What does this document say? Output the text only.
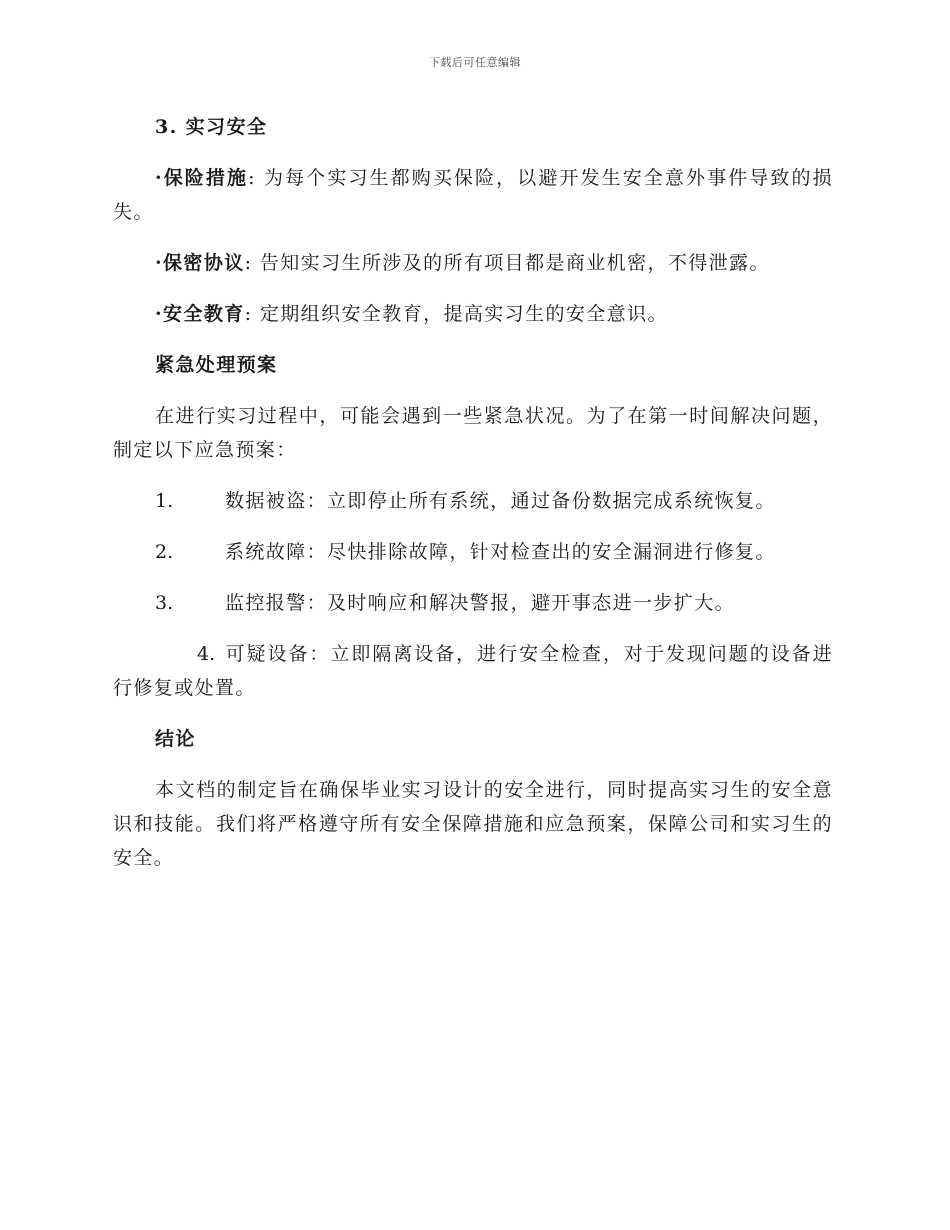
下载后可任意编辑

3. 实习安全

·保险措施: 为每个实习生都购买保险，以避开发生安全意外事件导致的损失。

·保密协议: 告知实习生所涉及的所有项目都是商业机密，不得泄露。

·安全教育: 定期组织安全教育，提高实习生的安全意识。

紧急处理预案

在进行实习过程中，可能会遇到一些紧急状况。为了在第一时间解决问题，制定以下应急预案：

1.	数据被盗：立即停止所有系统，通过备份数据完成系统恢复。

2.	系统故障：尽快排除故障，针对检查出的安全漏洞进行修复。

3.	监控报警：及时响应和解决警报，避开事态进一步扩大。

4. 可疑设备：立即隔离设备，进行安全检查，对于发现问题的设备进行修复或处置。

结论

本文档的制定旨在确保毕业实习设计的安全进行，同时提高实习生的安全意识和技能。我们将严格遵守所有安全保障措施和应急预案，保障公司和实习生的安全。
